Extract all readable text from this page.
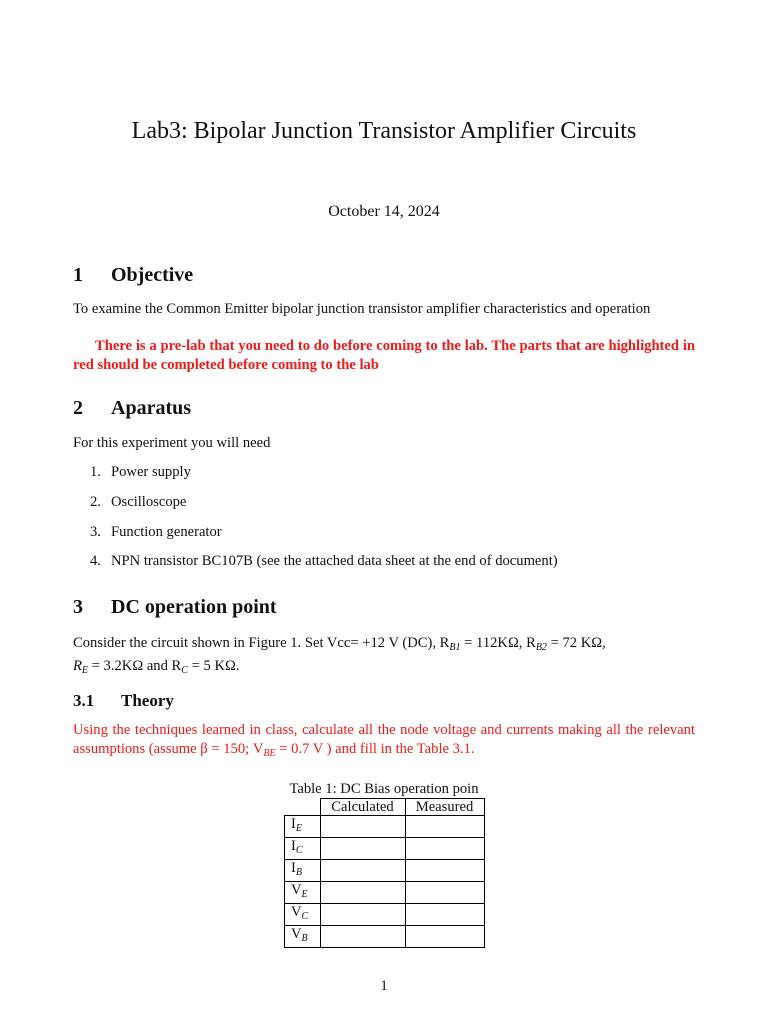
Lab3: Bipolar Junction Transistor Amplifier Circuits
October 14, 2024
1 Objective
To examine the Common Emitter bipolar junction transistor amplifier characteristics and operation
There is a pre-lab that you need to do before coming to the lab. The parts that are highlighted in red should be completed before coming to the lab
2 Aparatus
For this experiment you will need
1. Power supply
2. Oscilloscope
3. Function generator
4. NPN transistor BC107B (see the attached data sheet at the end of document)
3 DC operation point
Consider the circuit shown in Figure 1. Set Vcc= +12 V (DC), $R_{B1} = 112K\Omega$, $R_{B2} = 72$ KΩ,
$R_E = 3.2K\Omega$ and $R_C = 5$ KΩ.
3.1 Theory
Using the techniques learned in class, calculate all the node voltage and currents making all the relevant assumptions (assume β = 150; $V_{BE} = 0.7$ V ) and fill in the Table 3.1.
Table 1: DC Bias operation poin
	Calculated	Measured
$I_E$		
$I_C$		
$I_B$		
$V_E$		
$V_C$		
$V_B$		
1
